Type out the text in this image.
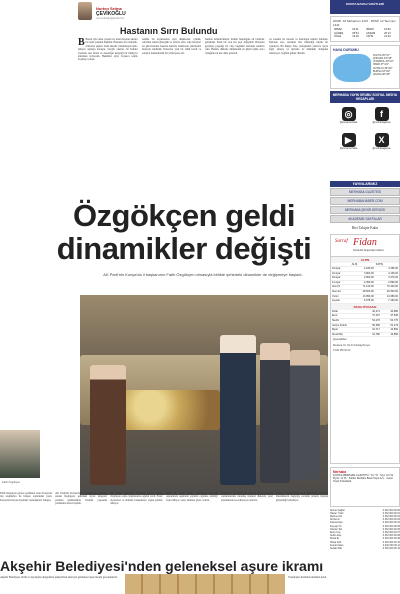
Nurten Selma
ÇEVİKOĞLU
nyncevikoglu@gmail.com
Hastanın Sırrı Bulundu
B Bazen öyle anlar yaşanır ki, insan hayatın akışını bir anda yeniden düşünür. Hastanın sırrı bulundu, doktorlar şaşkın. Uzun süredir çözülemeyen tablo nihayet açıklığa kavuştu. Sevgili okurlar, bu haftaki yazımda size tıbbın ve insanlığın kesiştiği bir hikâyeyi anlatmak istiyorum. Hekimler aylar boyunca teşhis koymaya çalıştı.
kadınla bir kaynanadan aynı düşünceler. Çünkü, tedavinin temeli güzergâh ve sabırla atılır. Aile bireyleri her gün hastanın başında bekledi, umutlarını yitirmeden dualarını sürdürdü. Doktorlar yeni bir tahlil istedi ve sonuçlar beklenmedik bir yönü işaret etti.
bundan ıklandırılmıştır birinin hastalığına ait belirtiler gelişmişti. Basit bir soru her şeyi değiştirdi: Hastanın geçmişte yaşadığı bir olay, bugünkü tablonun anahtarı çıktı. Hekim, dikkatle dinlemenin en güçlü teşhis aracı olduğunu bir kez daha gösterdi.
ber sokakta bir mesafe ve hastalığın kökeni bulundu. Hastanın sırrı, ailesinin bile bilmediği küçük bir ayrıntıydı. Bu hikâye bize, iyileşmenin yalnızca ilaçla değil, anlayış ve güvenle de mümkün olduğunu hatırlatıyor. Sağlıklı günler dilerim.
Özgökçen geldi
dinamikler değişti
AK Parti'nin Konya'da il başkanının Fatih Özgökçen olmasıyla birlikte şehirdeki dinamikler de değişmeye başladı.
Fatih Özgökçen
Fatih Özgökçen göreve geldikten sonra Konya'da ilçe teşkilatları ile istişare toplantıları yaptı. Konya'nın birçok ilçesinde vatandaşlarla buluştu.
AK Parti'nin Konya'daki il başkanlığı görevine atanan Özgökçen, şehirdeki siyasi dengeleri yeniden şekillendirdi. Teşkilat yapısında yenilenme süreci başladı.
Dr. Yusuf Yavuz'un ardından göreve gelen Özgökçen, saha çalışmalarına ağırlık verdi. Esnaf ziyaretleri ve mahalle buluşmaları yoğun şekilde sürüyor.
2028 ve 2029 seçim takvimine hazırlık kapsamında teşkilatın yeniden organize edildiği ifade ediliyor. Genç isimlere görev verildi.
Konya'nın 31 ilçesinde yapılan değerlendirme toplantılarında vatandaş talepleri dinlendi, yerel yönetimlerle koordinasyon artırıldı.
Konya il başkanlığının yeni döneminde şehirdeki dinamiklerin değiştiği, partinin tabanla bağının güçlendiği belirtiliyor.
Akşehir Belediyesi'nden geleneksel aşure ikramı
Akşehir Belediyesi, birlik ve dayanışma duygularını pekiştirmek amacıyla geleneksel aşure ikramı gerçekleştirdi.	Vatandaşlar ikramdan memnun kaldı.
KONYA BARAJ VAKİTLERİ
HİCRİ: 16 Muharrem 1447 · RUMİ: 12 Temmuz 1441
İMSAK	04:11	İKİNDİ	16:52
GÜNEŞ	05:51	AKŞAM	20:13
ÖĞLE	13:02	YATSI	21:43
HAVA DURUMU
KONYA 35°/17°
ANKARA 33°/18°
İSTANBUL 30°/22°
İZMİR 37°/24°
ANTALYA 36°/26°
BURSA 33°/20°
ADANA 38°/25°
MERHABA YAYIN GRUBU SOSYAL MEDYA HESAPLARI
◎
@konyamerhaba
f
@merhabagazete
▶
@konyamerhaba
X
@merhabagazete
YAYINLARIMIZ
MERHABA GAZETESİ
MERHABAHABER.COM
MERHABA ŞEHİR DERGİSİ
AKADEMİK SAYFALAR
Bizi Takipte Kalın
Sarraf Fidan
Güvenilir Alışverişin Adresi
ALTIN
	ALIŞ	SATIŞ
24 Ayar	4.180,00	4.195,00
22 Ayar	3.800,00	4.145,00
18 Ayar	2.960,00	3.470,00
14 Ayar	2.350,00	2.890,00
Ata 2,5	71.120,00	73.100,00
Ata Lira	28.500,00	29.300,00
Yarım	13.950,00	14.380,00
Çeyrek	6.975,00	7.190,00
PARA PİYASASI
Dolar	40,271	40,886
Euro	47,167	47,636
Sterlin	54,276	54,776
İsviçre Frankı	50,380	51,179
Riyal	10,717	10,800
Suudi Riy.	10,780	10,860
@sarraffidan
Mevlana Cd. No:24 Karatay/Konya
0 332 350 00 00
Merhaba
KONYA MERHABA GAZETESİ · Yıl: 33 · Sayı: 10.724 · Fiyatı: 10 TL · Sahibi: Merhaba Basın Yayın A.Ş. · Genel Yayın Yönetmeni
Ahmet Çağlar	0 332 000 00 00
Hasan Yıldız	0 332 000 00 01
Mehmet Ak	0 332 000 00 02
Ali Demir	0 332 000 00 03
Fatma Kara	0 332 000 00 04
Zeynep Öz	0 332 000 00 05
Osman Tan	0 332 000 00 06
Emre Koç	0 332 000 00 07
Selim Ateş	0 332 000 00 08
Murat Er	0 332 000 00 09
Hülya Gök	0 332 000 00 10
Kemal Aslan	0 332 000 00 11
Serkan Bal	0 332 000 00 12
